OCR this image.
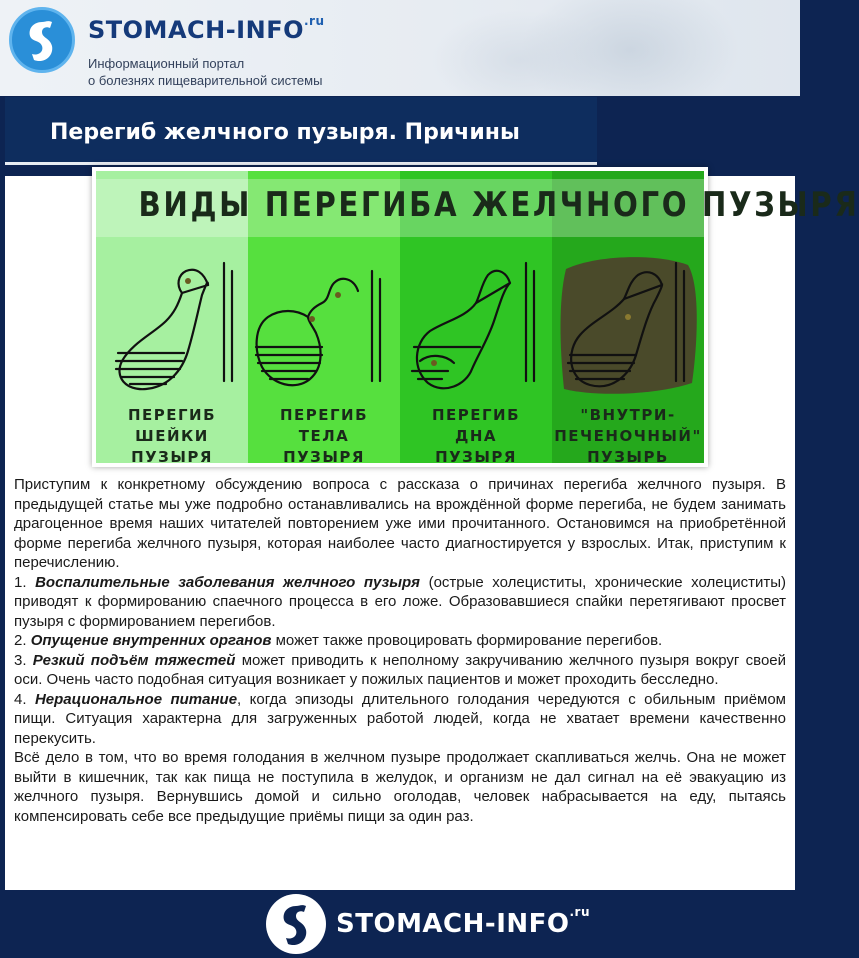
STOMACH-$INFO^{.ru}$
Информационный портал
о болезнях пищеварительной системы
Перегиб желчного пузыря. Причины
ВИДЫ ПЕРЕГИБА ЖЕЛЧНОГО ПУЗЫРЯ
ПЕРЕГИБ
ШЕЙКИ
ПУЗЫРЯ
ПЕРЕГИБ
ТЕЛА
ПУЗЫРЯ
ПЕРЕГИБ
ДНА
ПУЗЫРЯ
"ВНУТРИ-
ПЕЧЕНОЧНЫЙ"
ПУЗЫРЬ

Приступим к конкретному обсуждению вопроса с рассказа о причинах перегиба желчного пузыря. В предыдущей статье мы уже подробно останавливались на врождённой форме перегиба, не будем занимать драгоценное время наших читателей повторением уже ими прочитанного. Остановимся на приобретённой форме перегиба желчного пузыря, которая наиболее часто диагностируется у взрослых. Итак, приступим к перечислению.

1. Воспалительные заболевания желчного пузыря (острые холециститы, хронические холециститы) приводят к формированию спаечного процесса в его ложе. Образовавшиеся спайки перетягивают просвет пузыря с формированием перегибов.

2. Опущение внутренних органов может также провоцировать формирование перегибов.

3. Резкий подъём тяжестей может приводить к неполному закручиванию желчного пузыря вокруг своей оси. Очень часто подобная ситуация возникает у пожилых пациентов и может проходить бесследно.

4. Нерациональное питание, когда эпизоды длительного голодания чередуются с обильным приёмом пищи. Ситуация характерна для загруженных работой людей, когда не хватает времени качественно перекусить.

Всё дело в том, что во время голодания в желчном пузыре продолжает скапливаться желчь. Она не может выйти в кишечник, так как пища не поступила в желудок, и организм не дал сигнал на её эвакуацию из желчного пузыря. Вернувшись домой и сильно оголодав, человек набрасывается на еду, пытаясь компенсировать себе все предыдущие приёмы пищи за один раз.

STOMACH-$INFO^{.ru}$
